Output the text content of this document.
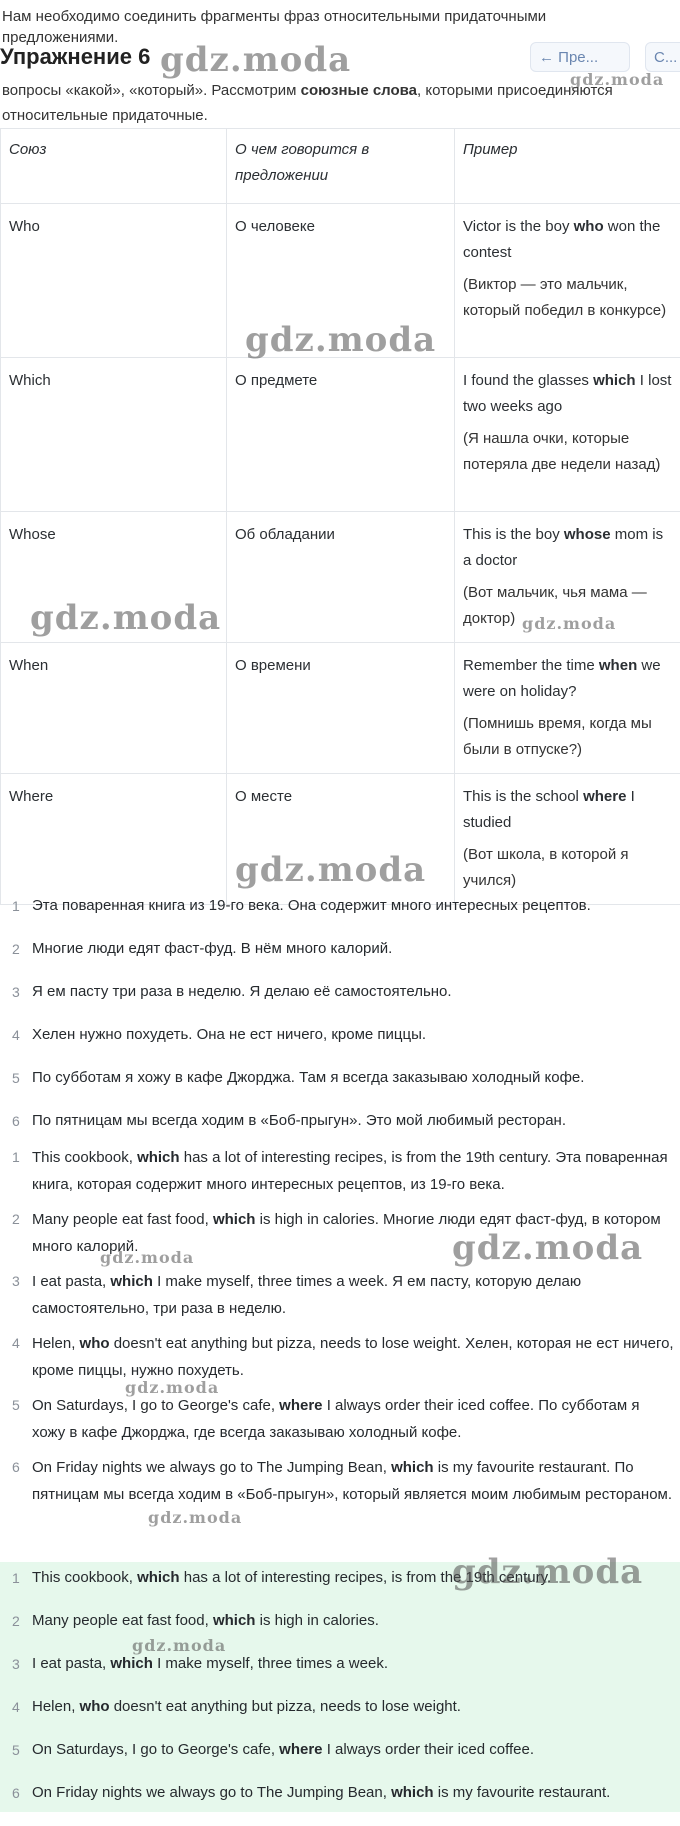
Нам необходимо соединить фрагменты фраз относительными придаточными предложениями.
Упражнение 6	← Пре...	С...
вопросы «какой», «который». Рассмотрим союзные слова, которыми присоединяются относительные придаточные.
Союз	О чем говорится в предложении	Пример
Who	О человеке	Victor is the boy who won the contest
(Виктор — это мальчик, который победил в конкурсе)

Which	О предмете	I found the glasses which I lost two weeks ago
(Я нашла очки, которые потеряла две недели назад)

Whose	Об обладании	This is the boy whose mom is a doctor
(Вот мальчик, чья мама — доктор)

When	О времени	Remember the time when we were on holiday?
(Помнишь время, когда мы были в отпуске?)

Where	О месте	This is the school where I studied
(Вот школа, в которой я учился)
1 Эта поваренная книга из 19-го века. Она содержит много интересных рецептов.
2 Многие люди едят фаст-фуд. В нём много калорий.
3 Я ем пасту три раза в неделю. Я делаю её самостоятельно.
4 Хелен нужно похудеть. Она не ест ничего, кроме пиццы.
5 По субботам я хожу в кафе Джорджа. Там я всегда заказываю холодный кофе.
6 По пятницам мы всегда ходим в «Боб-прыгун». Это мой любимый ресторан.
1 This cookbook, which has a lot of interesting recipes, is from the 19th century. Эта поваренная книга, которая содержит много интересных рецептов, из 19-го века.
2 Many people eat fast food, which is high in calories. Многие люди едят фаст-фуд, в котором много калорий.
3 I eat pasta, which I make myself, three times a week. Я ем пасту, которую делаю самостоятельно, три раза в неделю.
4 Helen, who doesn't eat anything but pizza, needs to lose weight. Хелен, которая не ест ничего, кроме пиццы, нужно похудеть.
5 On Saturdays, I go to George's cafe, where I always order their iced coffee. По субботам я хожу в кафе Джорджа, где всегда заказываю холодный кофе.
6 On Friday nights we always go to The Jumping Bean, which is my favourite restaurant. По пятницам мы всегда ходим в «Боб-прыгун», который является моим любимым рестораном.
1 This cookbook, which has a lot of interesting recipes, is from the 19th century.
2 Many people eat fast food, which is high in calories.
3 I eat pasta, which I make myself, three times a week.
4 Helen, who doesn't eat anything but pizza, needs to lose weight.
5 On Saturdays, I go to George's cafe, where I always order their iced coffee.
6 On Friday nights we always go to The Jumping Bean, which is my favourite restaurant.
gdz.moda	gdz.moda
gdz.moda
gdz.moda	gdz.moda
gdz.moda
gdz.moda
gdz.moda
gdz.moda
gdz.moda
gdz.moda
gdz.moda
